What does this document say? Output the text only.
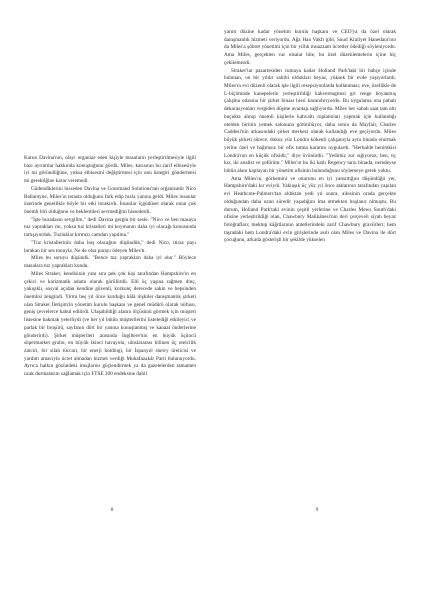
Karun Davina'nın, olayı organize eden kişiyle masaların yerleştirilmesiyle ilgili bazı ayrıntılar hakkında konuştuğunu gördü. Miles, karısının bu zarif elbisesiyle iyi mi göründüğüne, yoksa elbisesini değiştirmesi için onu üstegiri göndermesi mi gerektiğine karar veremedi.

Güdendiklerini hisseden Davina ve Gourmand Solutions'tan organizatör Nico Ballantyne, Miles'ın terasta olduğunu fark edip hızla yanına geldi. Miles insanlar üzerinde genellikle böyle bir etki bırakırdı. İnsanlar içgüdüsel olarak onun çok önemli biri olduğunu ve beklentileri sevmediğini hissederdi.

"İşte buradasın sevgilim," dedi Davina gergin bir sesle. "Nico ve ben masaya tuz yaprakları mı, yoksa tuz kristalleri mi koymanın daha iyi olacağı konusunda tartışıyorduk. Tuzluklar kırmızı camdan yapılma."

"Tuz kristallerinin daha hoş olacağını düşündük," dedi Nico, itiraz payı bırakan bir ses tonuyla. Ne de olsa parayı ödeyen Miles'tı.

Miles bu soruyu düşündü. "Bence tuz yaprakları daha iyi olur." Böylece masalara tuz yaprakları kondu.

Miles Straker, kendisinin yanı sıra pek çok kişi tarafından Hampshire'ın en çekici ve karizmatik adamı olarak görülürdü. Elli üç yaşına rağmen dinç, yakışıklı, sosyal açıdan kendine güvenli, korkunç derecede sakin ve hepsinden önemlisi zengindi. Yirmi beş yıl önce kurduğu hâlâ ilişkiler danışmanlık şirketi olan Straker İletişim'in yönetim kurulu başkanı ve genel müdürü olarak nüfusu, geniş çevrelerce kabul edilirdi. Ulaşabildiği alanın ölçüsünü görmek için müşteri listesine bakmak yeterliydi (ve her yıl bütün müşterilerini listelediği etkileyici ve parlak bir broşürü, sayfanın dört bir yanına konuşlanmış ve kanaat önderlerine gönderirdi). Şirket müşterileri arasında İngiltere'nin en büyük üçüncü süpermarket grubu, en büyük ikinci havayolu, uluslararası bilinen üç otelcilik zinciri, bir silah tüccarı, bir enerji holdingi, bir İspanyol sherry üreticisi ve yardım amacıyla ücret almadan hizmet verdiği Muhafazakâr Parti bulunuyordu. Ayrıca halkın gözündeki imajlarını güçlendirmek ya da gazetelerden tamamen uzak durmalarını sağlamak için FTSE 100 endeksine dahil

8

yarım düzine kadar yönetim kurulu başkanı ve CEO'ya da özel olarak danışmanlık hizmeti veriyordu. Ağa Han Vakfı gibi, Suud Kraliyet Hanedanı'nın da Miles'a şöhret yönetimi için bir yıllık muazzam ücretler ödediği söyleniyordu. Ama Miles, gerçekten var olsalar bile, bu özel düzenlemelerin içine hiç çekilemezdi.

Straker'lar pazartesiden cumaya kadar Holland Park'taki bir bahçe içinde bulunan, on bir yıldır sahibi oldukları beyaz, yüksek bir evde yaşıyorlardı. Miles'ın evi düzenli olarak işle ilgili resepsiyonlarda kullanması; eve, özellikle de L-biçiminde kanepelerin yerleştirildiği kahverengimsi gri renge boyanmış çalışma odasına bir şirket binası hissi kazandırıyordu. Bu uygulama ona pahalı dekorasyonları vergiden düşme avantajı sağlıyordu. Miles her sabah saat tam altı buçukta alınıp önemli kişilerle kahvaltı toplantıları yapmak için kullandığı otelden birinin yemek salonuna götürülüyor, daha sonra da Mayfair, Charles Caddesi'nin arkasındaki şirket merkezi olarak kullandığı eve geçiyordu. Miles büyük şirketi sürece, dokuz yüz Londra kökenli çalışanıyla aynı binada oturmak yerine özel ve bağımsız bir ofis tutma kararını uygulardı. "Herhalde benimkisi Londra'nın en küçük ofisidir," diye övünürdü. "Yedimiz zor sığıyoruz; ben, üç kız, iki analist ve şoförüm." Miles'ın bu iki katlı Regency tarzı binada, neredeyse bütün alanı kaplayan bir yönetim ofisinin bulunduğunu söylemeye gerek yoktu.

Ama Miles'ın, görkemini ve onurunu en iyi yansıttığını düşündüğü yer, Hampshire'daki kır eviydi. Yaklaşık üç yüz yıl önce atalarının tarafından yapılan evi Heathcote-Palmers'tan aldıktan yedi yıl sonra, ailesinin orada gerçekte olduğundan daha uzun süredir yaşadığını ima etmekten hoşlanır olmuştu. Bu durum, Holland Park'taki evinin çeşitli yerlerine ve Charles Mews South'daki ofisine yerleştirildiği olan, Chawbury Malikânesi'nin deri çerçeveli siyah beyaz fotoğrafları; mektup kâğıtlarının antetlerindeki zarif Chawbury gravürleri; hem taşradaki hem Londra'daki evin girişlerinde asılı olan Miles ve Davina ile dört çocuğunu, arkada gösterişli bir şekilde yükselen

9
